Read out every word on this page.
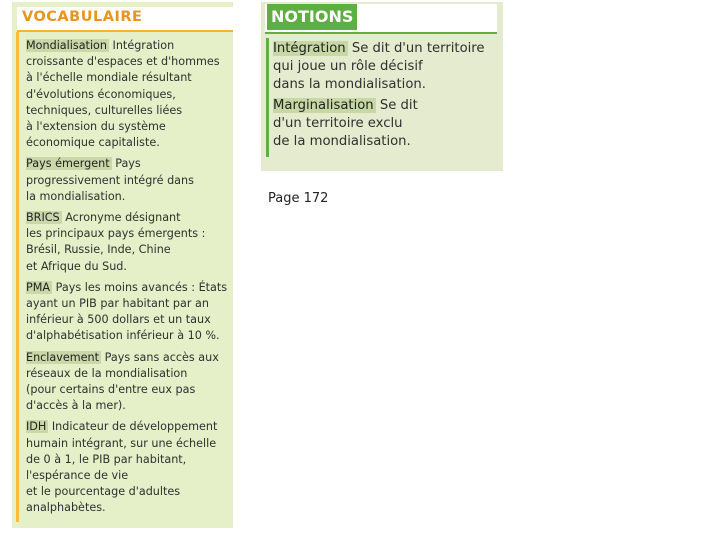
VOCABULAIRE
Mondialisation Intégration
croissante d'espaces et d'hommes
à l'échelle mondiale résultant
d'évolutions économiques,
techniques, culturelles liées
à l'extension du système
économique capitaliste.
Pays émergent Pays
progressivement intégré dans
la mondialisation.
BRICS Acronyme désignant
les principaux pays émergents :
Brésil, Russie, Inde, Chine
et Afrique du Sud.
PMA Pays les moins avancés : États
ayant un PIB par habitant par an
inférieur à 500 dollars et un taux
d'alphabétisation inférieur à 10 %.
Enclavement Pays sans accès aux
réseaux de la mondialisation
(pour certains d'entre eux pas
d'accès à la mer).
IDH Indicateur de développement
humain intégrant, sur une échelle
de 0 à 1, le PIB par habitant,
l'espérance de vie
et le pourcentage d'adultes
analphabètes.
NOTIONS
Intégration Se dit d'un territoire
qui joue un rôle décisif
dans la mondialisation.
Marginalisation Se dit
d'un territoire exclu
de la mondialisation.
Page 172
